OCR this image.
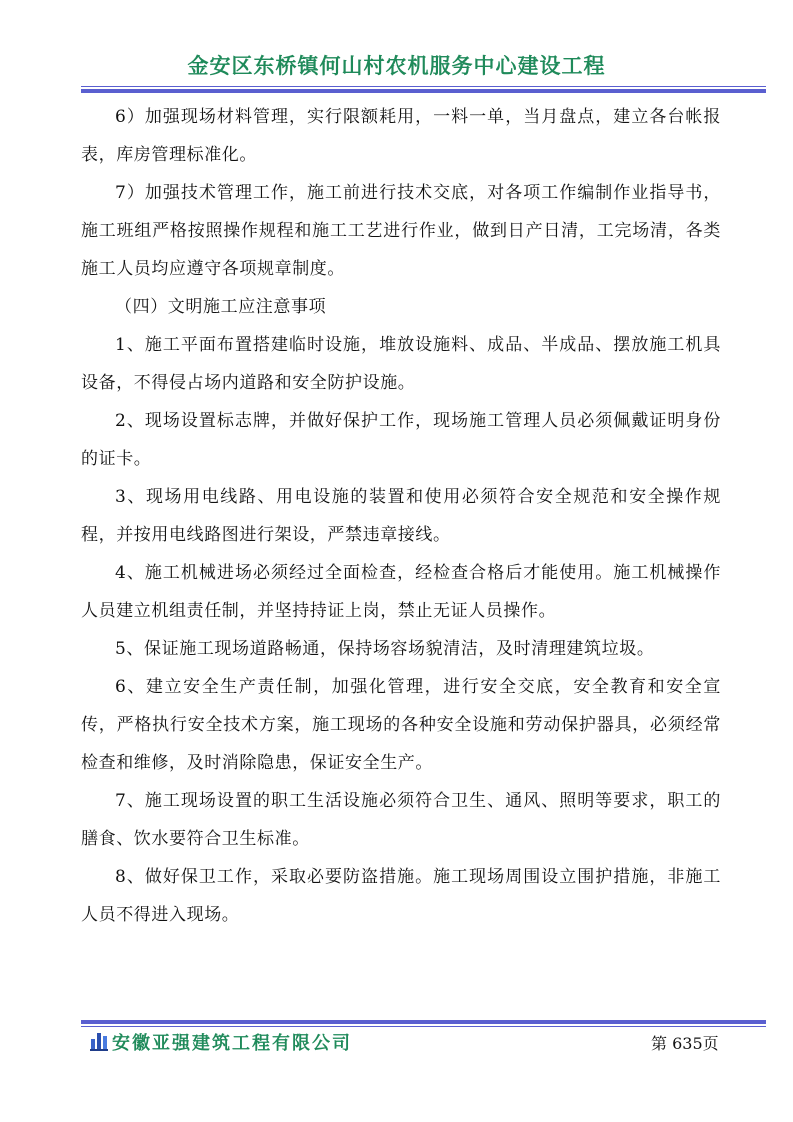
金安区东桥镇何山村农机服务中心建设工程

6）加强现场材料管理，实行限额耗用，一料一单，当月盘点，建立各台帐报表，库房管理标准化。

7）加强技术管理工作，施工前进行技术交底，对各项工作编制作业指导书，施工班组严格按照操作规程和施工工艺进行作业，做到日产日清，工完场清，各类施工人员均应遵守各项规章制度。

（四）文明施工应注意事项

1、施工平面布置搭建临时设施，堆放设施料、成品、半成品、摆放施工机具设备，不得侵占场内道路和安全防护设施。

2、现场设置标志牌，并做好保护工作，现场施工管理人员必须佩戴证明身份的证卡。

3、现场用电线路、用电设施的装置和使用必须符合安全规范和安全操作规程，并按用电线路图进行架设，严禁违章接线。

4、施工机械进场必须经过全面检查，经检查合格后才能使用。施工机械操作人员建立机组责任制，并坚持持证上岗，禁止无证人员操作。

5、保证施工现场道路畅通，保持场容场貌清洁，及时清理建筑垃圾。

6、建立安全生产责任制，加强化管理，进行安全交底，安全教育和安全宣传，严格执行安全技术方案，施工现场的各种安全设施和劳动保护器具，必须经常检查和维修，及时消除隐患，保证安全生产。

7、施工现场设置的职工生活设施必须符合卫生、通风、照明等要求，职工的膳食、饮水要符合卫生标准。

8、做好保卫工作，采取必要防盗措施。施工现场周围设立围护措施，非施工人员不得进入现场。

安徽亚强建筑工程有限公司	第 635页
